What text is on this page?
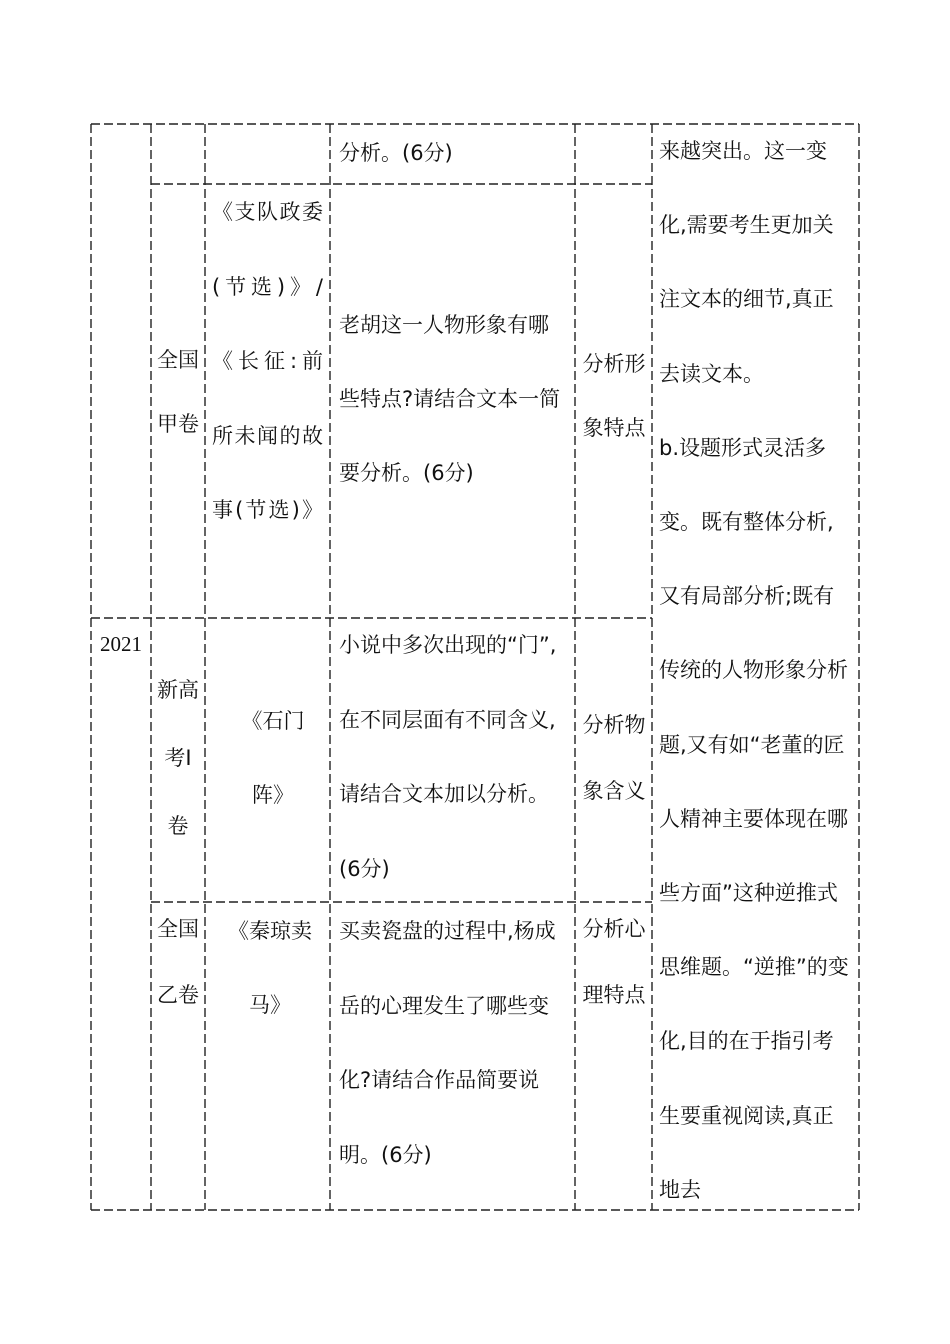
分析。(6分)	来越突出。这一变化,需要考生更加关注文本的细节,真正去读文本。
b.设题形式灵活多变。既有整体分析,又有局部分析;既有传统的人物形象分析题,又有如“老董的匠人精神主要体现在哪些方面”这种逆推式思维题。“逆推”的变化,目的在于指引考生要重视阅读,真正地去
全国甲卷
《支队政委(节选)》/《长征:前所未闻的故事(节选)》
老胡这一人物形象有哪些特点?请结合文本一简要分析。(6分)
分析形象特点
2021
新高考Ⅰ卷
《石门阵》
小说中多次出现的“门”,在不同层面有不同含义,请结合文本加以分析。(6分)
分析物象含义
全国乙卷
《秦琼卖马》
买卖瓷盘的过程中,杨成岳的心理发生了哪些变化?请结合作品简要说明。(6分)
分析心理特点
